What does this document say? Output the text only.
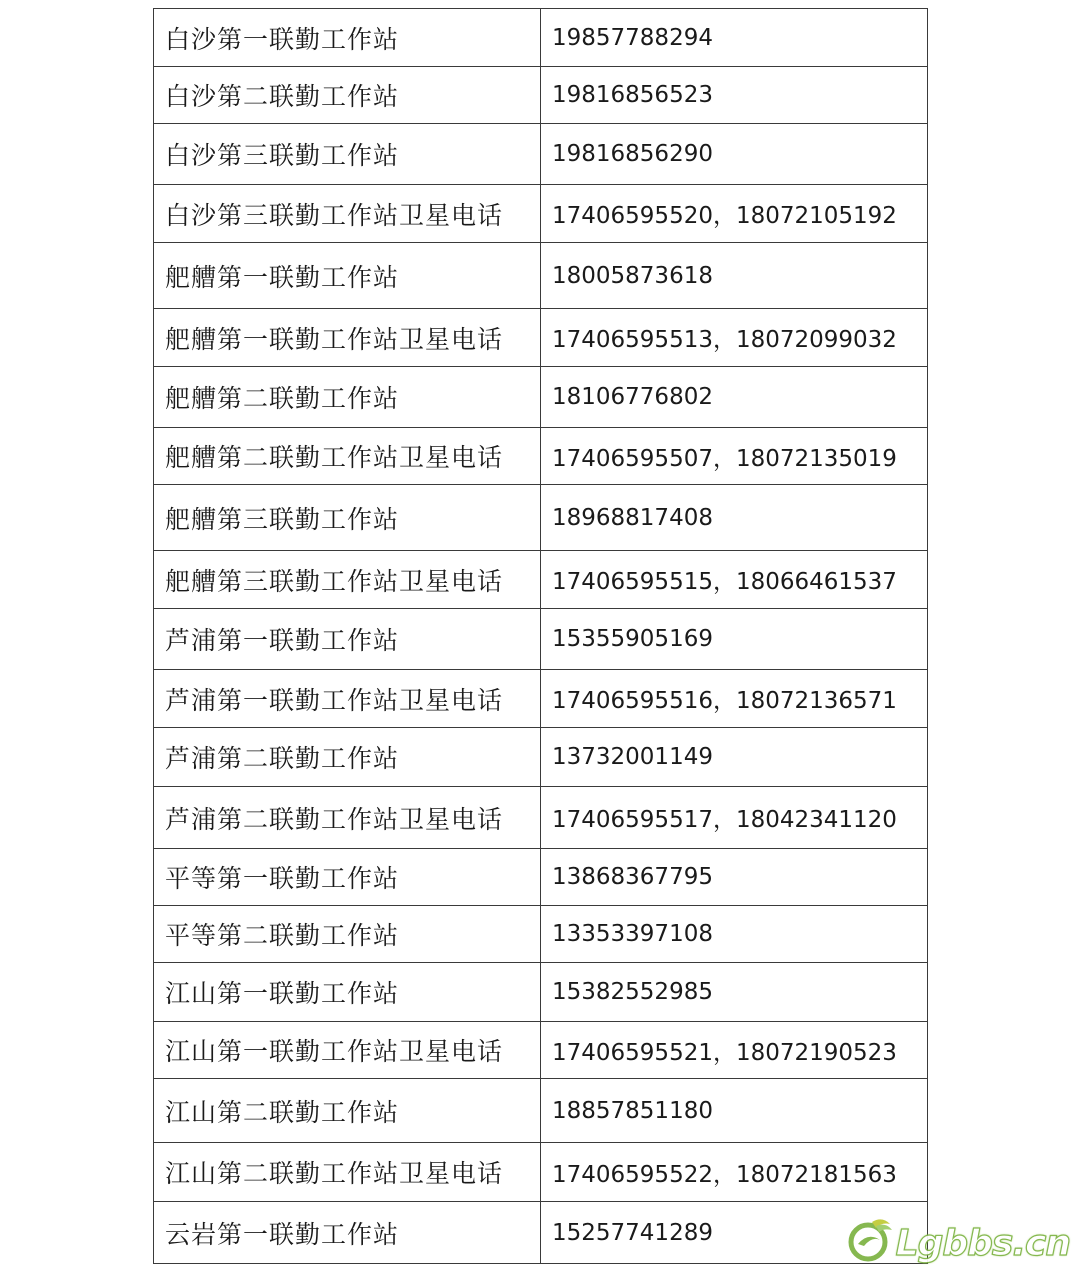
白沙第一联勤工作站	19857788294
白沙第二联勤工作站	19816856523
白沙第三联勤工作站	19816856290
白沙第三联勤工作站卫星电话	17406595520，18072105192
舥艚第一联勤工作站	18005873618
舥艚第一联勤工作站卫星电话	17406595513，18072099032
舥艚第二联勤工作站	18106776802
舥艚第二联勤工作站卫星电话	17406595507，18072135019
舥艚第三联勤工作站	18968817408
舥艚第三联勤工作站卫星电话	17406595515，18066461537
芦浦第一联勤工作站	15355905169
芦浦第一联勤工作站卫星电话	17406595516，18072136571
芦浦第二联勤工作站	13732001149
芦浦第二联勤工作站卫星电话	17406595517，18042341120
平等第一联勤工作站	13868367795
平等第二联勤工作站	13353397108
江山第一联勤工作站	15382552985
江山第一联勤工作站卫星电话	17406595521，18072190523
江山第二联勤工作站	18857851180
江山第二联勤工作站卫星电话	17406595522，18072181563
云岩第一联勤工作站	15257741289	Lgbbs.cn
